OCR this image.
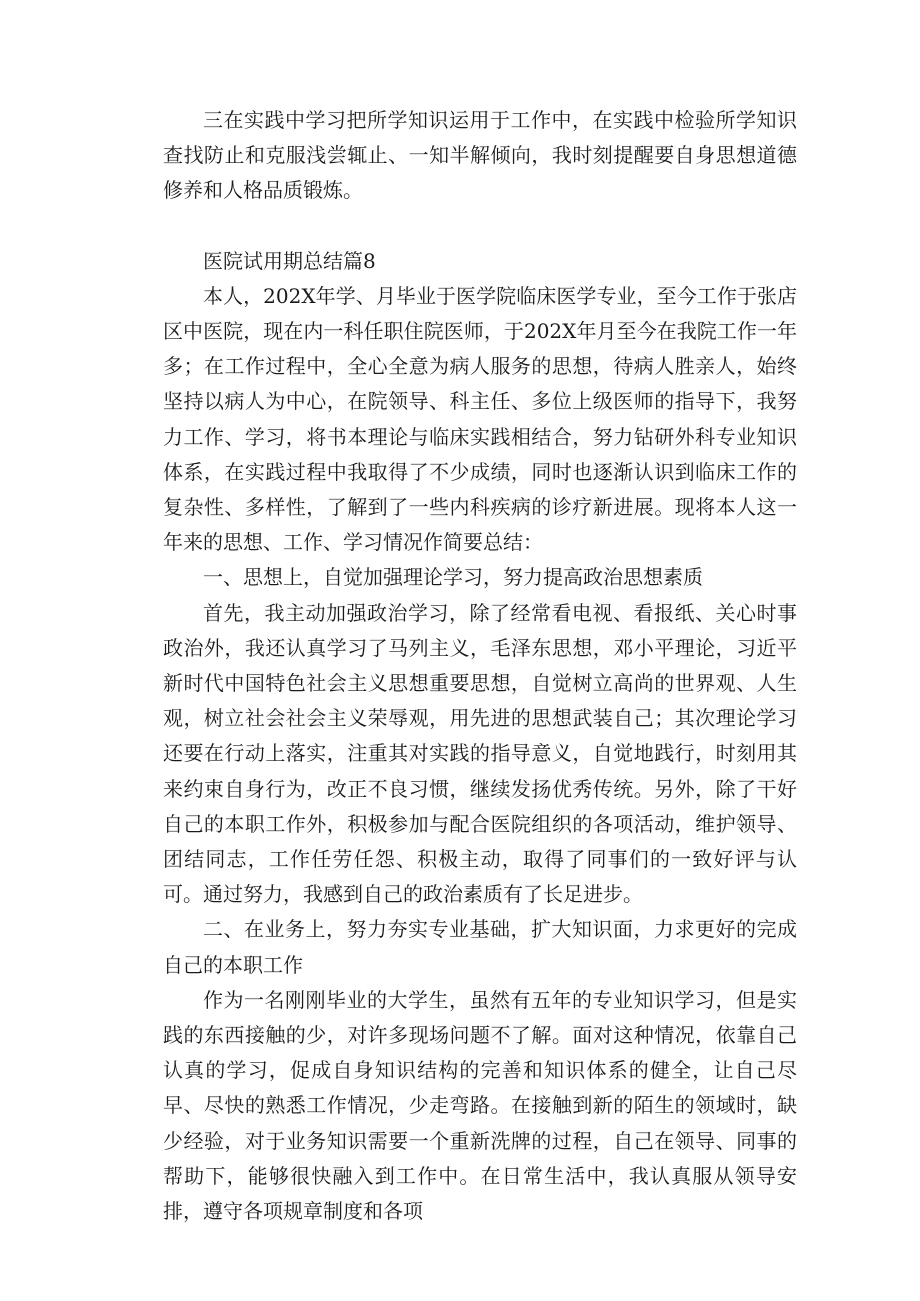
三在实践中学习把所学知识运用于工作中，在实践中检验所学知识查找防止和克服浅尝辄止、一知半解倾向，我时刻提醒要自身思想道德修养和人格品质锻炼。

医院试用期总结篇8

本人，202X年学、月毕业于医学院临床医学专业，至今工作于张店区中医院，现在内一科任职住院医师，于202X年月至今在我院工作一年多；在工作过程中，全心全意为病人服务的思想，待病人胜亲人，始终坚持以病人为中心，在院领导、科主任、多位上级医师的指导下，我努力工作、学习，将书本理论与临床实践相结合，努力钻研外科专业知识体系，在实践过程中我取得了不少成绩，同时也逐渐认识到临床工作的复杂性、多样性，了解到了一些内科疾病的诊疗新进展。现将本人这一年来的思想、工作、学习情况作简要总结：

一、思想上，自觉加强理论学习，努力提高政治思想素质

首先，我主动加强政治学习，除了经常看电视、看报纸、关心时事政治外，我还认真学习了马列主义，毛泽东思想，邓小平理论，习近平新时代中国特色社会主义思想重要思想，自觉树立高尚的世界观、人生观，树立社会社会主义荣辱观，用先进的思想武装自己；其次理论学习还要在行动上落实，注重其对实践的指导意义，自觉地践行，时刻用其来约束自身行为，改正不良习惯，继续发扬优秀传统。另外，除了干好自己的本职工作外，积极参加与配合医院组织的各项活动，维护领导、团结同志，工作任劳任怨、积极主动，取得了同事们的一致好评与认可。通过努力，我感到自己的政治素质有了长足进步。

二、在业务上，努力夯实专业基础，扩大知识面，力求更好的完成自己的本职工作

作为一名刚刚毕业的大学生，虽然有五年的专业知识学习，但是实践的东西接触的少，对许多现场问题不了解。面对这种情况，依靠自己认真的学习，促成自身知识结构的完善和知识体系的健全，让自己尽早、尽快的熟悉工作情况，少走弯路。在接触到新的陌生的领域时，缺少经验，对于业务知识需要一个重新洗牌的过程，自己在领导、同事的帮助下，能够很快融入到工作中。在日常生活中，我认真服从领导安排，遵守各项规章制度和各项
